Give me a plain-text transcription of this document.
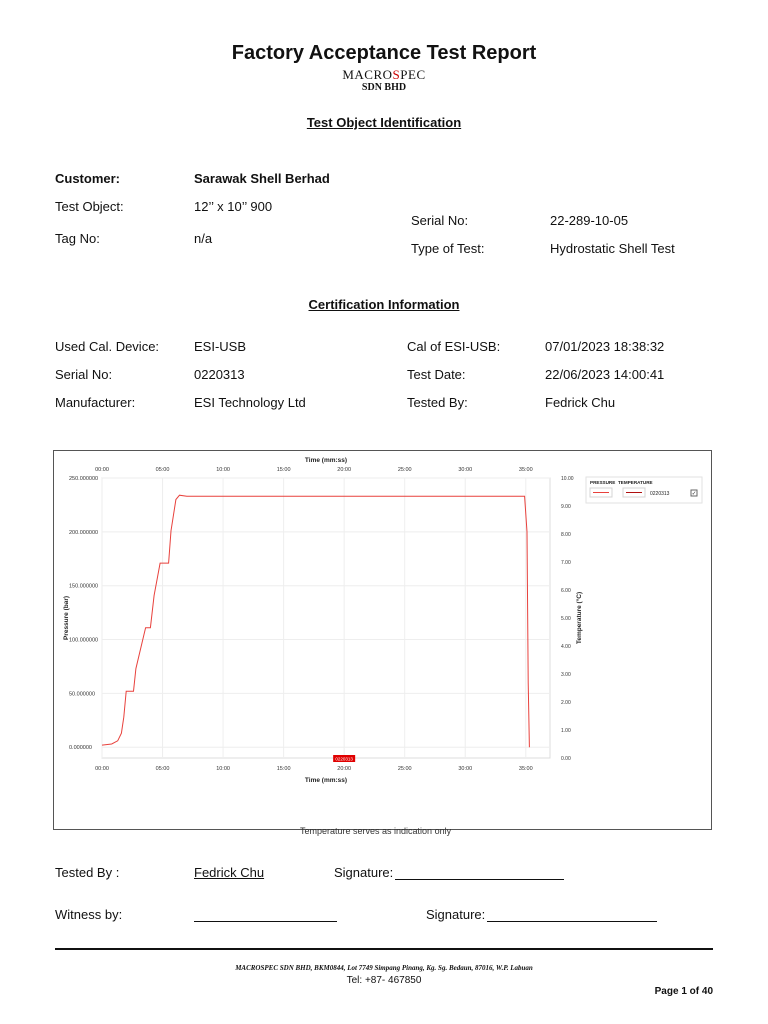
Factory Acceptance Test Report
MACROSPEC
SDN BHD
Test Object Identification
Customer:	Sarawak Shell Berhad
Test Object:	12’’ x 10’’ 900
Tag No:	n/a
Serial No:	22-289-10-05
Type of Test:	Hydrostatic Shell Test
Certification Information
Used Cal. Device:	ESI-USB
Serial No:	0220313
Manufacturer:	ESI Technology Ltd
Cal of ESI-USB:	07/01/2023 18:38:32
Test Date:	22/06/2023 14:00:41
Tested By:	Fedrick Chu
00:00
00:00
05:00
05:00
10:00
10:00
15:00
15:00
20:00
20:00
25:00
25:00
30:00
30:00
35:00
35:00
0.000000
50.000000
100.000000
150.000000
200.000000
250.000000
0.00
1.00
2.00
3.00
4.00
5.00
6.00
7.00
8.00
9.00
10.00
Time (mm:ss)
Time (mm:ss)
Pressure (bar)	Temperature (°C)
0220313
PRESSURE TEMPERATURE
0220313	✓
Temperature serves as indication only
Tested By :	Fedrick Chu	Signature:
Witness by:	Signature:
MACROSPEC SDN BHD, BKM0844, Lot 7749 Simpang Pinang, Kg. Sg. Bedaun, 87016, W.P. Labuan
Tel: +87- 467850
Page 1 of 40
